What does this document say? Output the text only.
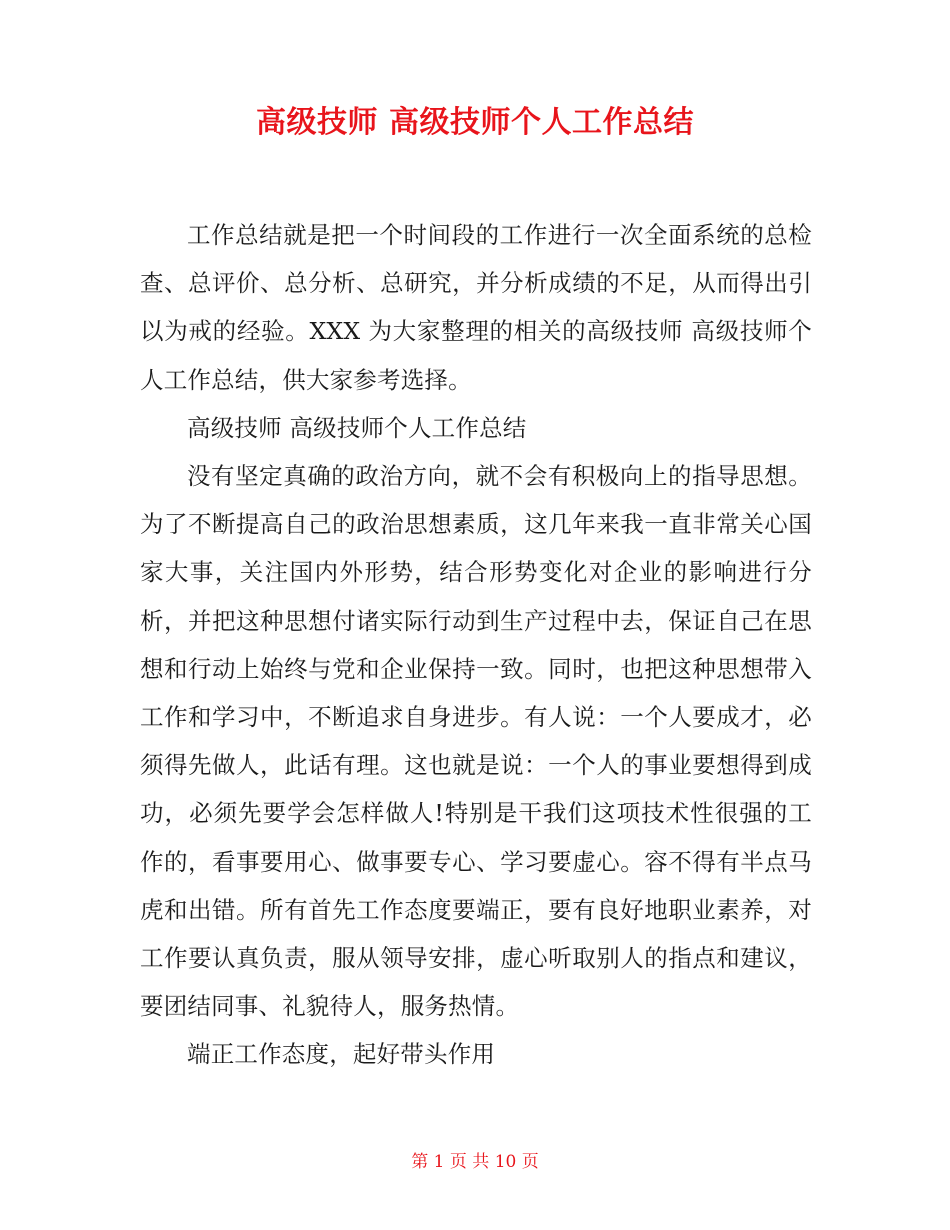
高级技师 高级技师个人工作总结

工作总结就是把一个时间段的工作进行一次全面系统的总检查、总评价、总分析、总研究，并分析成绩的不足，从而得出引以为戒的经验。XXX 为大家整理的相关的高级技师 高级技师个人工作总结，供大家参考选择。

高级技师 高级技师个人工作总结

没有坚定真确的政治方向，就不会有积极向上的指导思想。为了不断提高自己的政治思想素质，这几年来我一直非常关心国家大事，关注国内外形势，结合形势变化对企业的影响进行分析，并把这种思想付诸实际行动到生产过程中去，保证自己在思想和行动上始终与党和企业保持一致。同时，也把这种思想带入工作和学习中，不断追求自身进步。有人说：一个人要成才，必须得先做人，此话有理。这也就是说：一个人的事业要想得到成功，必须先要学会怎样做人!特别是干我们这项技术性很强的工作的，看事要用心、做事要专心、学习要虚心。容不得有半点马虎和出错。所有首先工作态度要端正，要有良好地职业素养，对工作要认真负责，服从领导安排，虚心听取别人的指点和建议，要团结同事、礼貌待人，服务热情。

端正工作态度，起好带头作用

第 1 页 共 10 页
